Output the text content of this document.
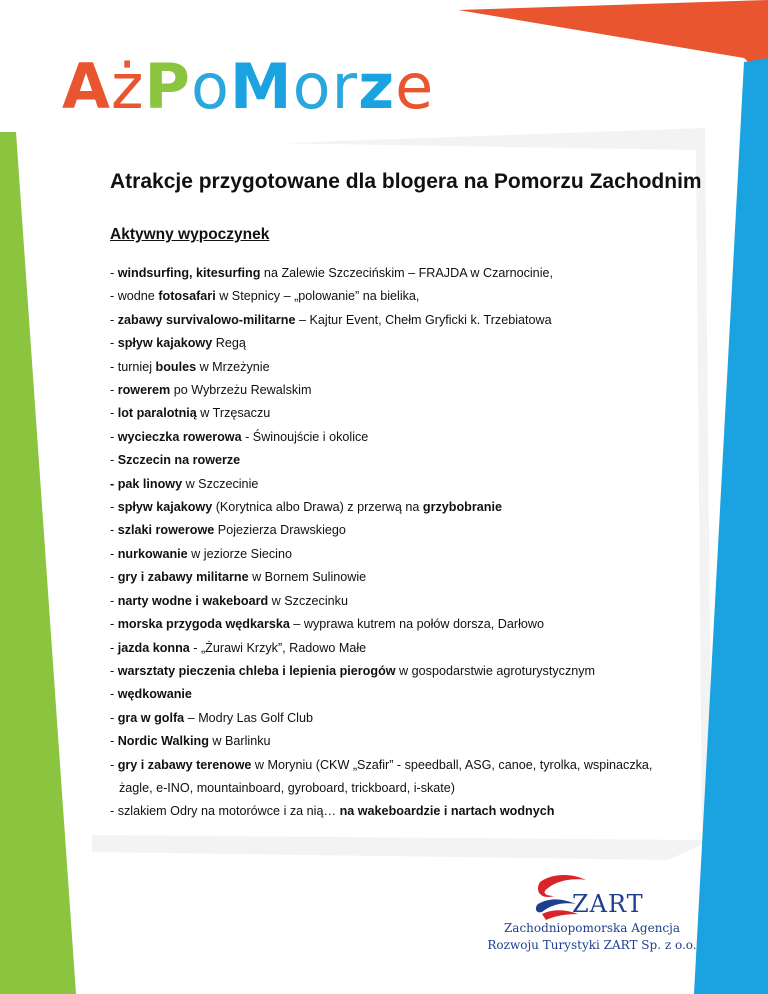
A ż P o M o r z e
Atrakcje przygotowane dla blogera na Pomorzu Zachodnim
Aktywny wypoczynek
- windsurfing, kitesurfing na Zalewie Szczecińskim – FRAJDA w Czarnocinie,
- wodne fotosafari w Stepnicy – „polowanie” na bielika,
- zabawy survivalowo-militarne – Kajtur Event, Chełm Gryficki k. Trzebiatowa
- spływ kajakowy Regą
- turniej boules w Mrzeżynie
- rowerem po Wybrzeżu Rewalskim
- lot paralotnią w Trzęsaczu
- wycieczka rowerowa - Świnoujście i okolice
- Szczecin na rowerze
- pak linowy w Szczecinie
- spływ kajakowy (Korytnica albo Drawa) z przerwą na grzybobranie
- szlaki rowerowe Pojezierza Drawskiego
- nurkowanie w jeziorze Siecino
- gry i zabawy militarne w Bornem Sulinowie
- narty wodne i wakeboard w Szczecinku
- morska przygoda wędkarska – wyprawa kutrem na połów dorsza, Darłowo
- jazda konna - „Żurawi Krzyk”, Radowo Małe
- warsztaty pieczenia chleba i lepienia pierogów w gospodarstwie agroturystycznym
- wędkowanie
- gra w golfa – Modry Las Golf Club
- Nordic Walking w Barlinku
- gry i zabawy terenowe w Moryniu (CKW „Szafir” - speedball, ASG, canoe, tyrolka, wspinaczka,
żagle, e-INO, mountainboard, gyroboard, trickboard, i-skate)
- szlakiem Odry na motorówce i za nią… na wakeboardzie i nartach wodnych
ZART
Zachodniopomorska Agencja
Rozwoju Turystyki ZART Sp. z o.o.
